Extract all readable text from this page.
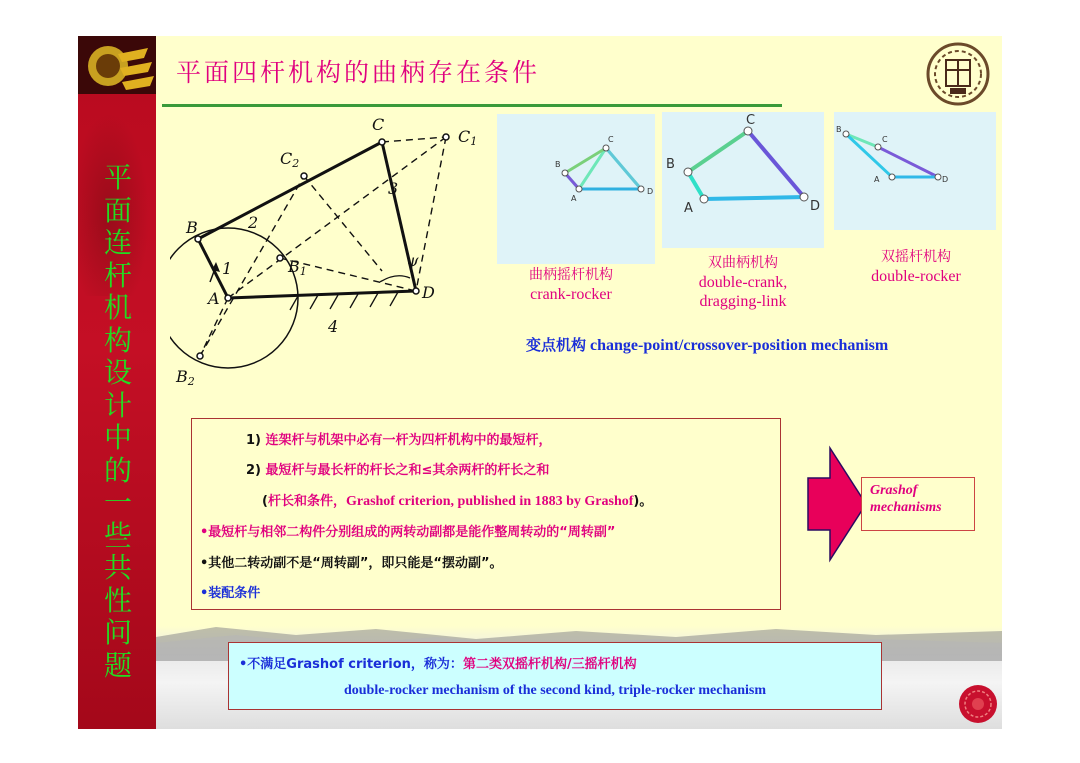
平面连杆机构设计中的一些共性问题
平面四杆机构的曲柄存在条件
A
B
B1
B2
C
C1
C2
D
1
2
3
4
ψ
B
C
A
D
B
C
A	D
B
C
A	D
曲柄摇杆机构
crank-rocker
双曲柄机构
double-crank,
dragging-link
双摇杆机构
double-rocker
变点机构 change-point/crossover-position mechanism
1) 连架杆与机架中必有一杆为四杆机构中的最短杆，
2) 最短杆与最长杆的杆长之和≤其余两杆的杆长之和
(杆长和条件，Grashof criterion, published in 1883 by Grashof)。
•最短杆与相邻二构件分别组成的两转动副都是能作整周转动的“周转副”
•其他二转动副不是“周转副”，即只能是“摆动副”。
•装配条件
Grashof
mechanisms
•不满足Grashof criterion，称为：第二类双摇杆机构/三摇杆机构
double-rocker mechanism of the second kind, triple-rocker mechanism
